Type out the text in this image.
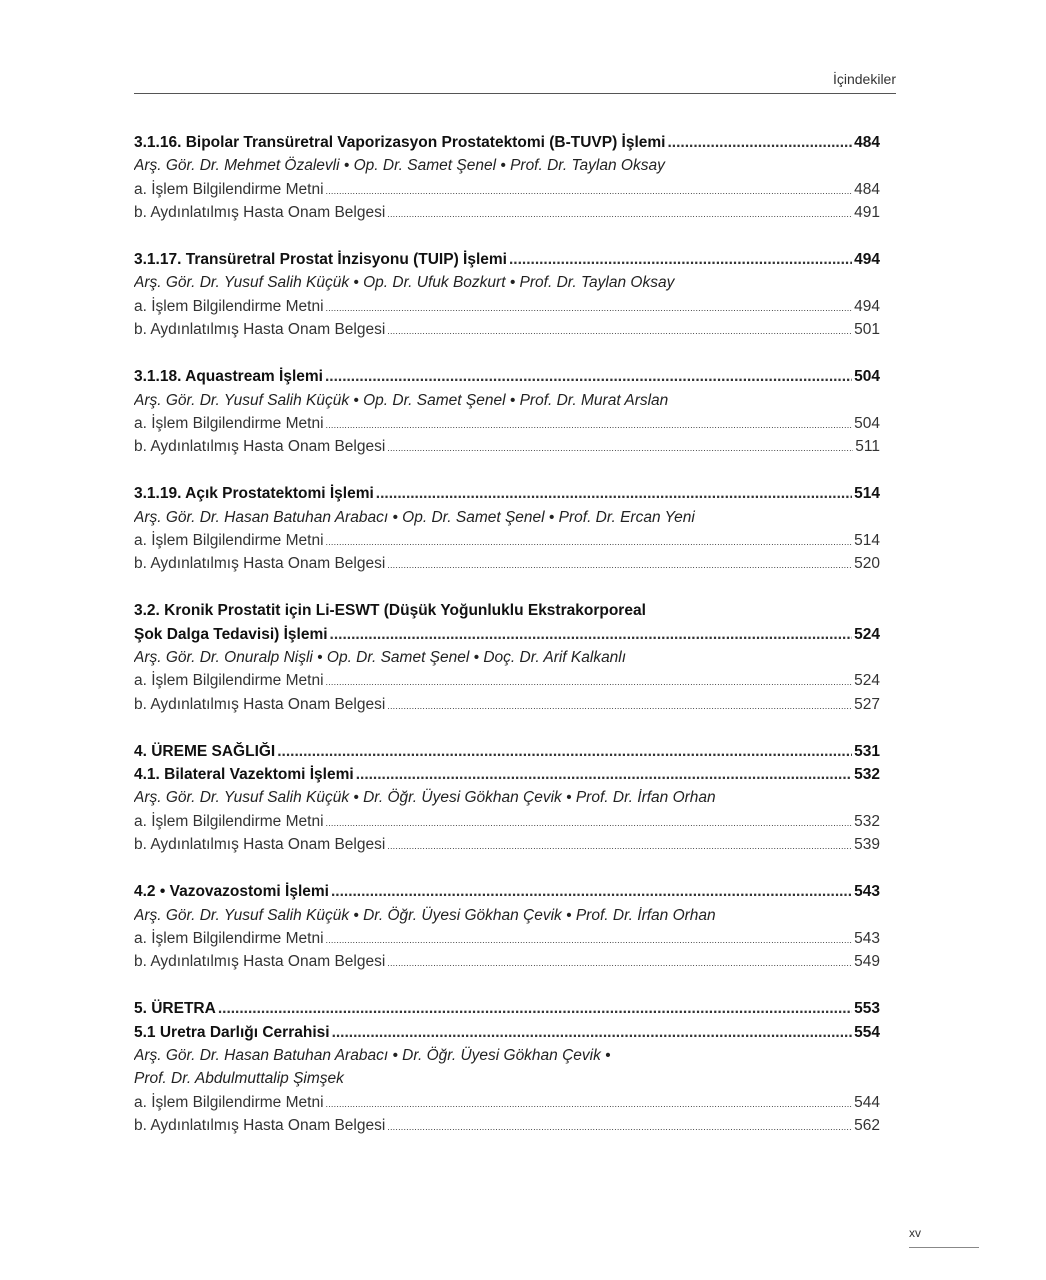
İçindekiler
3.1.16. Bipolar Transüretral Vaporizasyon Prostatektomi (B-TUVP) İşlemi .....	484
Arş. Gör. Dr. Mehmet Özalevli • Op. Dr. Samet Şenel • Prof. Dr. Taylan Oksay
a. İşlem Bilgilendirme Metni .....	484
b. Aydınlatılmış Hasta Onam Belgesi .....	491
3.1.17. Transüretral Prostat İnzisyonu (TUIP) İşlemi .....	494
Arş. Gör. Dr. Yusuf Salih Küçük • Op. Dr. Ufuk Bozkurt • Prof. Dr. Taylan Oksay
a. İşlem Bilgilendirme Metni .....	494
b. Aydınlatılmış Hasta Onam Belgesi .....	501
3.1.18. Aquastream İşlemi .....	504
Arş. Gör. Dr. Yusuf Salih Küçük • Op. Dr. Samet Şenel • Prof. Dr. Murat Arslan
a. İşlem Bilgilendirme Metni .....	504
b. Aydınlatılmış Hasta Onam Belgesi .....	511
3.1.19. Açık Prostatektomi İşlemi .....	514
Arş. Gör. Dr. Hasan Batuhan Arabacı • Op. Dr. Samet Şenel • Prof. Dr. Ercan Yeni
a. İşlem Bilgilendirme Metni .....	514
b. Aydınlatılmış Hasta Onam Belgesi .....	520
3.2. Kronik Prostatit için Li-ESWT (Düşük Yoğunluklu Ekstrakorporeal
Şok Dalga Tedavisi) İşlemi .....	524
Arş. Gör. Dr. Onuralp Nişli • Op. Dr. Samet Şenel • Doç. Dr. Arif Kalkanlı
a. İşlem Bilgilendirme Metni .....	524
b. Aydınlatılmış Hasta Onam Belgesi .....	527
4. ÜREME SAĞLIĞI .....	531
4.1. Bilateral Vazektomi İşlemi .....	532
Arş. Gör. Dr. Yusuf Salih Küçük • Dr. Öğr. Üyesi Gökhan Çevik • Prof. Dr. İrfan Orhan
a. İşlem Bilgilendirme Metni .....	532
b. Aydınlatılmış Hasta Onam Belgesi .....	539
4.2 • Vazovazostomi İşlemi .....	543
Arş. Gör. Dr. Yusuf Salih Küçük • Dr. Öğr. Üyesi Gökhan Çevik • Prof. Dr. İrfan Orhan
a. İşlem Bilgilendirme Metni .....	543
b. Aydınlatılmış Hasta Onam Belgesi .....	549
5. ÜRETRA .....	553
5.1 Uretra Darlığı Cerrahisi .....	554
Arş. Gör. Dr. Hasan Batuhan Arabacı • Dr. Öğr. Üyesi Gökhan Çevik •
Prof. Dr. Abdulmuttalip Şimşek
a. İşlem Bilgilendirme Metni .....	544
b. Aydınlatılmış Hasta Onam Belgesi .....	562
xv
